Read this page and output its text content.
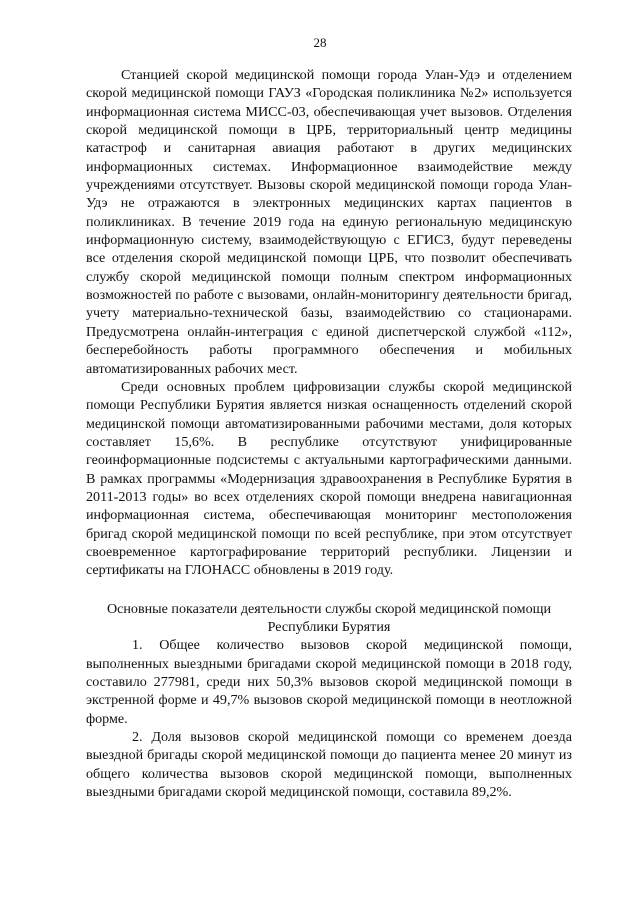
28

Станцией скорой медицинской помощи города Улан-Удэ и отделением скорой медицинской помощи ГАУЗ «Городская поликлиника №2» используется информационная система МИСС-03, обеспечивающая учет вызовов. Отделения скорой медицинской помощи в ЦРБ, территориальный центр медицины катастроф и санитарная авиация работают в других медицинских информационных системах. Информационное взаимодействие между учреждениями отсутствует. Вызовы скорой медицинской помощи города Улан-Удэ не отражаются в электронных медицинских картах пациентов в поликлиниках. В течение 2019 года на единую региональную медицинскую информационную систему, взаимодействующую с ЕГИСЗ, будут переведены все отделения скорой медицинской помощи ЦРБ, что позволит обеспечивать службу скорой медицинской помощи полным спектром информационных возможностей по работе с вызовами, онлайн-мониторингу деятельности бригад, учету материально-технической базы, взаимодействию со стационарами. Предусмотрена онлайн-интеграция с единой диспетчерской службой «112», бесперебойность работы программного обеспечения и мобильных автоматизированных рабочих мест.

Среди основных проблем цифровизации службы скорой медицинской помощи Республики Бурятия является низкая оснащенность отделений скорой медицинской помощи автоматизированными рабочими местами, доля которых составляет 15,6%. В республике отсутствуют унифицированные геоинформационные подсистемы с актуальными картографическими данными. В рамках программы «Модернизация здравоохранения в Республике Бурятия в 2011-2013 годы» во всех отделениях скорой помощи внедрена навигационная информационная система, обеспечивающая мониторинг местоположения бригад скорой медицинской помощи по всей республике, при этом отсутствует своевременное картографирование территорий республики. Лицензии и сертификаты на ГЛОНАСС обновлены в 2019 году.

Основные показатели деятельности службы скорой медицинской помощи
Республики Бурятия

1. Общее количество вызовов скорой медицинской помощи, выполненных выездными бригадами скорой медицинской помощи в 2018 году, составило 277981, среди них 50,3% вызовов скорой медицинской помощи в экстренной форме и 49,7% вызовов скорой медицинской помощи в неотложной форме.

2. Доля вызовов скорой медицинской помощи со временем доезда выездной бригады скорой медицинской помощи до пациента менее 20 минут из общего количества вызовов скорой медицинской помощи, выполненных выездными бригадами скорой медицинской помощи, составила 89,2%.
